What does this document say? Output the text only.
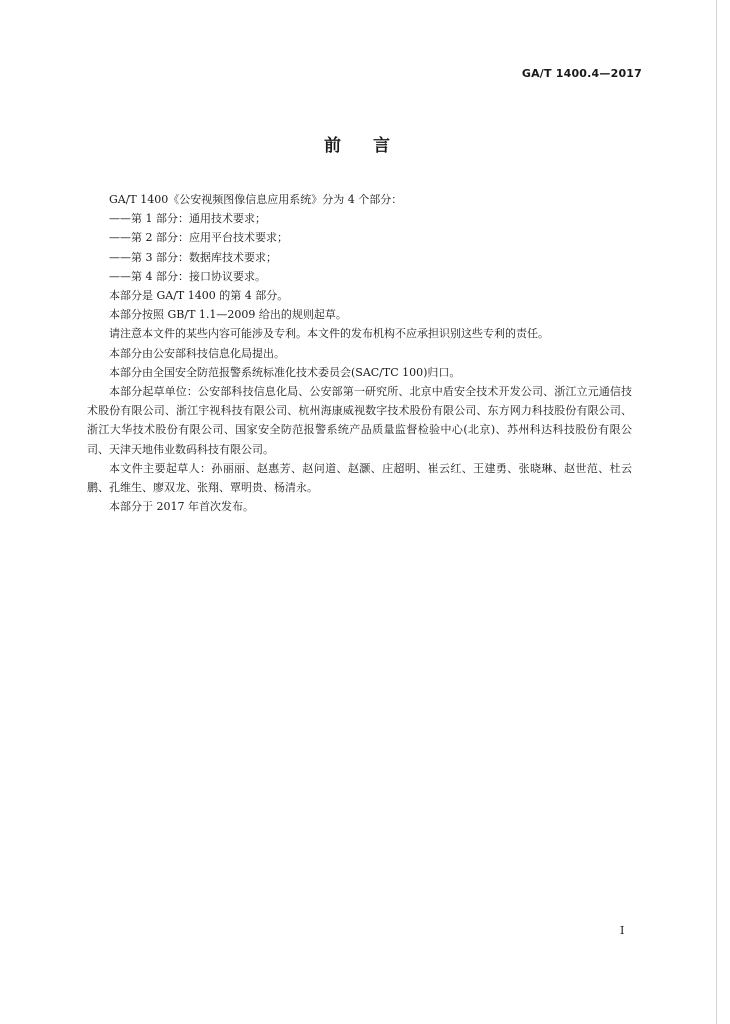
GA/T 1400.4—2017
前 言

GA/T 1400《公安视频图像信息应用系统》分为 4 个部分：

——第 1 部分：通用技术要求；

——第 2 部分：应用平台技术要求；

——第 3 部分：数据库技术要求；

——第 4 部分：接口协议要求。

本部分是 GA/T 1400 的第 4 部分。

本部分按照 GB/T 1.1—2009 给出的规则起草。

请注意本文件的某些内容可能涉及专利。本文件的发布机构不应承担识别这些专利的责任。

本部分由公安部科技信息化局提出。

本部分由全国安全防范报警系统标准化技术委员会(SAC/TC 100)归口。

本部分起草单位：公安部科技信息化局、公安部第一研究所、北京中盾安全技术开发公司、浙江立元通信技术股份有限公司、浙江宇视科技有限公司、杭州海康威视数字技术股份有限公司、东方网力科技股份有限公司、浙江大华技术股份有限公司、国家安全防范报警系统产品质量监督检验中心(北京)、苏州科达科技股份有限公司、天津天地伟业数码科技有限公司。

本文件主要起草人：孙丽丽、赵惠芳、赵问道、赵灏、庄超明、崔云红、王建勇、张晓琳、赵世范、杜云鹏、孔维生、廖双龙、张翔、覃明贵、杨清永。

本部分于 2017 年首次发布。

I
